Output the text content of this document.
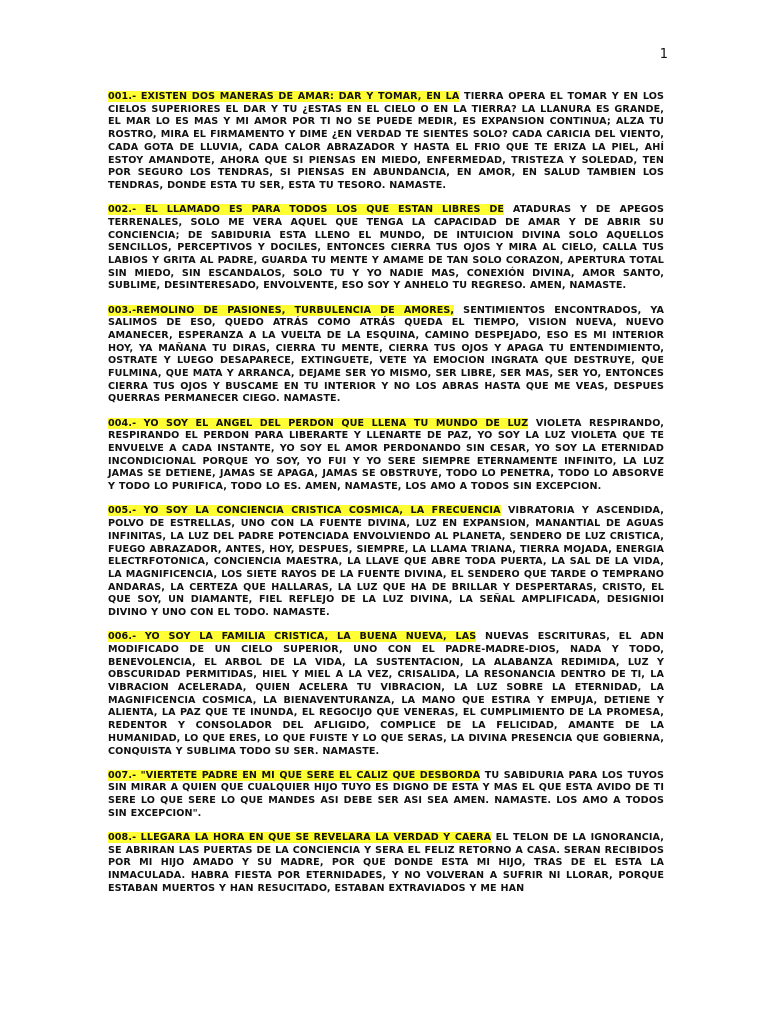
1

001.- EXISTEN DOS MANERAS DE AMAR: DAR Y TOMAR, EN LA TIERRA OPERA EL TOMAR Y EN LOS CIELOS SUPERIORES EL DAR Y TU ¿ESTAS EN EL CIELO O EN LA TIERRA? LA LLANURA ES GRANDE, EL MAR LO ES MAS Y MI AMOR POR TI NO SE PUEDE MEDIR, ES EXPANSION CONTINUA; ALZA TU ROSTRO, MIRA EL FIRMAMENTO Y DIME ¿EN VERDAD TE SIENTES SOLO? CADA CARICIA DEL VIENTO, CADA GOTA DE LLUVIA, CADA CALOR ABRAZADOR Y HASTA EL FRIO QUE TE ERIZA LA PIEL, AHÍ ESTOY AMANDOTE, AHORA QUE SI PIENSAS EN MIEDO, ENFERMEDAD, TRISTEZA Y SOLEDAD, TEN POR SEGURO LOS TENDRAS, SI PIENSAS EN ABUNDANCIA, EN AMOR, EN SALUD TAMBIEN LOS TENDRAS, DONDE ESTA TU SER, ESTA TU TESORO. NAMASTE.

002.- EL LLAMADO ES PARA TODOS LOS QUE ESTAN LIBRES DE ATADURAS Y DE APEGOS TERRENALES, SOLO ME VERA AQUEL QUE TENGA LA CAPACIDAD DE AMAR Y DE ABRIR SU CONCIENCIA; DE SABIDURIA ESTA LLENO EL MUNDO, DE INTUICION DIVINA SOLO AQUELLOS SENCILLOS, PERCEPTIVOS Y DOCILES, ENTONCES CIERRA TUS OJOS Y MIRA AL CIELO, CALLA TUS LABIOS Y GRITA AL PADRE, GUARDA TU MENTE Y AMAME DE TAN SOLO CORAZON, APERTURA TOTAL SIN MIEDO, SIN ESCANDALOS, SOLO TU Y YO NADIE MAS, CONEXIÓN DIVINA, AMOR SANTO, SUBLIME, DESINTERESADO, ENVOLVENTE, ESO SOY Y ANHELO TU REGRESO. AMEN, NAMASTE.

003.-REMOLINO DE PASIONES, TURBULENCIA DE AMORES, SENTIMIENTOS ENCONTRADOS, YA SALIMOS DE ESO, QUEDO ATRÁS COMO ATRÁS QUEDA EL TIEMPO, VISION NUEVA, NUEVO AMANECER, ESPERANZA A LA VUELTA DE LA ESQUINA, CAMINO DESPEJADO, ESO ES MI INTERIOR HOY, YA MAÑANA TU DIRAS, CIERRA TU MENTE, CIERRA TUS OJOS Y APAGA TU ENTENDIMIENTO, OSTRATE Y LUEGO DESAPARECE, EXTINGUETE, VETE YA EMOCION INGRATA QUE DESTRUYE, QUE FULMINA, QUE MATA Y ARRANCA, DEJAME SER YO MISMO, SER LIBRE, SER MAS, SER YO, ENTONCES CIERRA TUS OJOS Y BUSCAME EN TU INTERIOR Y NO LOS ABRAS HASTA QUE ME VEAS, DESPUES QUERRAS PERMANECER CIEGO. NAMASTE.

004.- YO SOY EL ANGEL DEL PERDON QUE LLENA TU MUNDO DE LUZ VIOLETA RESPIRANDO, RESPIRANDO EL PERDON PARA LIBERARTE Y LLENARTE DE PAZ, YO SOY LA LUZ VIOLETA QUE TE ENVUELVE A CADA INSTANTE, YO SOY EL AMOR PERDONANDO SIN CESAR, YO SOY LA ETERNIDAD INCONDICIONAL PORQUE YO SOY, YO FUI Y YO SERE SIEMPRE ETERNAMENTE INFINITO, LA LUZ JAMAS SE DETIENE, JAMAS SE APAGA, JAMAS SE OBSTRUYE, TODO LO PENETRA, TODO LO ABSORVE Y TODO LO PURIFICA, TODO LO ES. AMEN, NAMASTE, LOS AMO A TODOS SIN EXCEPCION.

005.- YO SOY LA CONCIENCIA CRISTICA COSMICA, LA FRECUENCIA VIBRATORIA Y ASCENDIDA, POLVO DE ESTRELLAS, UNO CON LA FUENTE DIVINA, LUZ EN EXPANSION, MANANTIAL DE AGUAS INFINITAS, LA LUZ DEL PADRE POTENCIADA ENVOLVIENDO AL PLANETA, SENDERO DE LUZ CRISTICA, FUEGO ABRAZADOR, ANTES, HOY, DESPUES, SIEMPRE, LA LLAMA TRIANA, TIERRA MOJADA, ENERGIA ELECTRFOTONICA, CONCIENCIA MAESTRA, LA LLAVE QUE ABRE TODA PUERTA, LA SAL DE LA VIDA, LA MAGNIFICENCIA, LOS SIETE RAYOS DE LA FUENTE DIVINA, EL SENDERO QUE TARDE O TEMPRANO ANDARAS, LA CERTEZA QUE HALLARAS, LA LUZ QUE HA DE BRILLAR Y DESPERTARAS, CRISTO, EL QUE SOY, UN DIAMANTE, FIEL REFLEJO DE LA LUZ DIVINA, LA SEÑAL AMPLIFICADA, DESIGNIOI DIVINO Y UNO CON EL TODO. NAMASTE.

006.- YO SOY LA FAMILIA CRISTICA, LA BUENA NUEVA, LAS NUEVAS ESCRITURAS, EL ADN MODIFICADO DE UN CIELO SUPERIOR, UNO CON EL PADRE-MADRE-DIOS, NADA Y TODO, BENEVOLENCIA, EL ARBOL DE LA VIDA, LA SUSTENTACION, LA ALABANZA REDIMIDA, LUZ Y OBSCURIDAD PERMITIDAS, HIEL Y MIEL A LA VEZ, CRISALIDA, LA RESONANCIA DENTRO DE TI, LA VIBRACION ACELERADA, QUIEN ACELERA TU VIBRACION, LA LUZ SOBRE LA ETERNIDAD, LA MAGNIFICENCIA COSMICA, LA BIENAVENTURANZA, LA MANO QUE ESTIRA Y EMPUJA, DETIENE Y ALIENTA, LA PAZ QUE TE INUNDA, EL REGOCIJO QUE VENERAS, EL CUMPLIMIENTO DE LA PROMESA, REDENTOR Y CONSOLADOR DEL AFLIGIDO, COMPLICE DE LA FELICIDAD, AMANTE DE LA HUMANIDAD, LO QUE ERES, LO QUE FUISTE Y LO QUE SERAS, LA DIVINA PRESENCIA QUE GOBIERNA, CONQUISTA Y SUBLIMA TODO SU SER. NAMASTE.

007.- "VIERTETE PADRE EN MI QUE SERE EL CALIZ QUE DESBORDA TU SABIDURIA PARA LOS TUYOS SIN MIRAR A QUIEN QUE CUALQUIER HIJO TUYO ES DIGNO DE ESTA Y MAS EL QUE ESTA AVIDO DE TI SERE LO QUE SERE LO QUE MANDES ASI DEBE SER ASI SEA AMEN. NAMASTE. LOS AMO A TODOS SIN EXCEPCION".

008.- LLEGARA LA HORA EN QUE SE REVELARA LA VERDAD Y CAERA EL TELON DE LA IGNORANCIA, SE ABRIRAN LAS PUERTAS DE LA CONCIENCIA Y SERA EL FELIZ RETORNO A CASA. SERAN RECIBIDOS POR MI HIJO AMADO Y SU MADRE, POR QUE DONDE ESTA MI HIJO, TRAS DE EL ESTA LA INMACULADA. HABRA FIESTA POR ETERNIDADES, Y NO VOLVERAN A SUFRIR NI LLORAR, PORQUE ESTABAN MUERTOS Y HAN RESUCITADO, ESTABAN EXTRAVIADOS Y ME HAN
